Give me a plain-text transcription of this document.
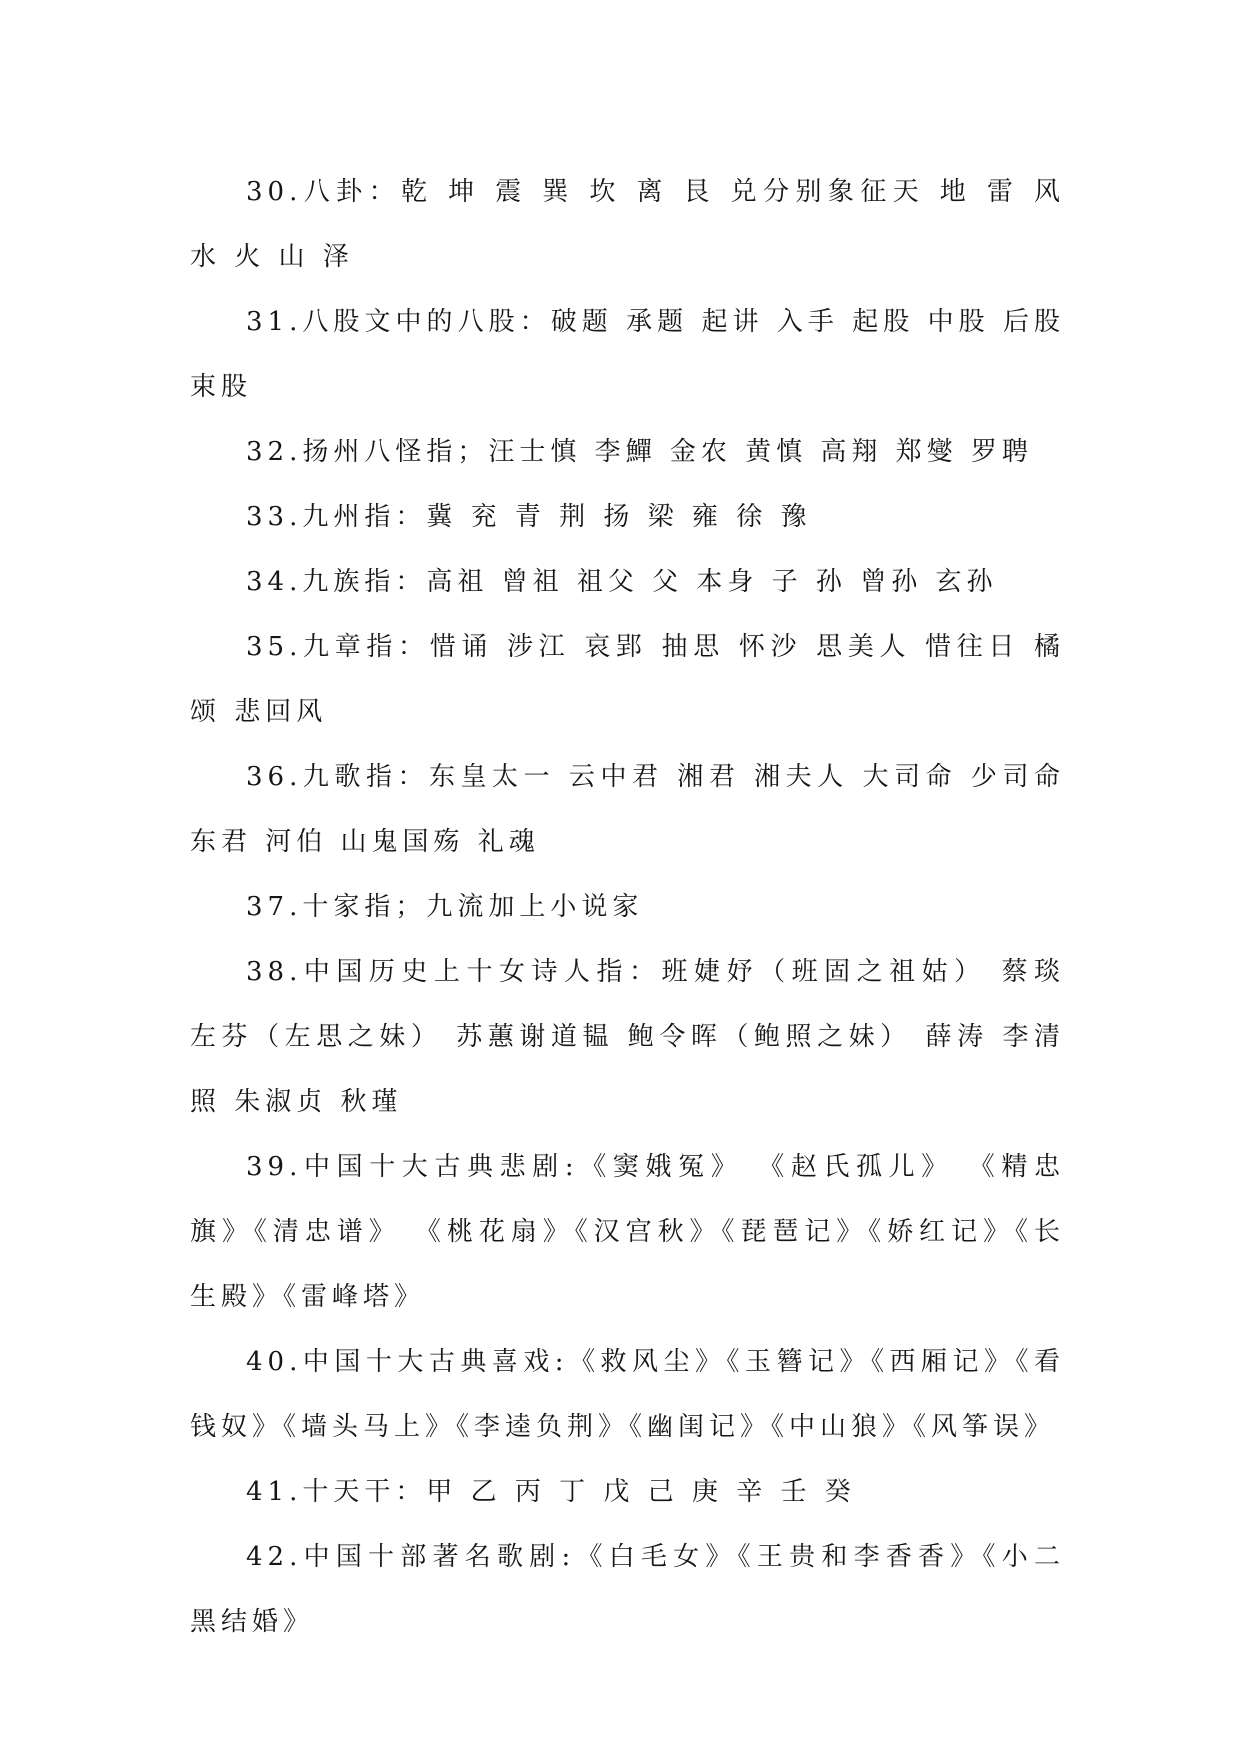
30.八卦：乾 坤 震 巽 坎 离 艮 兑分别象征天 地 雷 风 水 火 山 泽

31.八股文中的八股：破题 承题 起讲 入手 起股 中股 后股 束股

32.扬州八怪指；汪士慎 李鱓 金农 黄慎 高翔 郑燮 罗聘

33.九州指：冀 兖 青 荆 扬 梁 雍 徐 豫

34.九族指：高祖 曾祖 祖父 父 本身 子 孙 曾孙 玄孙

35.九章指：惜诵 涉江 哀郢 抽思 怀沙 思美人 惜往日 橘颂 悲回风

36.九歌指：东皇太一 云中君 湘君 湘夫人 大司命 少司命 东君 河伯 山鬼国殇 礼魂

37.十家指；九流加上小说家

38.中国历史上十女诗人指：班婕妤（班固之祖姑） 蔡琰 左芬（左思之妹） 苏蕙谢道韫 鲍令晖（鲍照之妹） 薛涛 李清照 朱淑贞 秋瑾

39.中国十大古典悲剧:《窦娥冤》 《赵氏孤儿》 《精忠旗》《清忠谱》 《桃花扇》《汉宫秋》《琵琶记》《娇红记》《长生殿》《雷峰塔》

40.中国十大古典喜戏:《救风尘》《玉簪记》《西厢记》《看钱奴》《墙头马上》《李逵负荆》《幽闺记》《中山狼》《风筝误》

41.十天干：甲 乙 丙 丁 戊 己 庚 辛 壬 癸

42.中国十部著名歌剧:《白毛女》《王贵和李香香》《小二黑结婚》
